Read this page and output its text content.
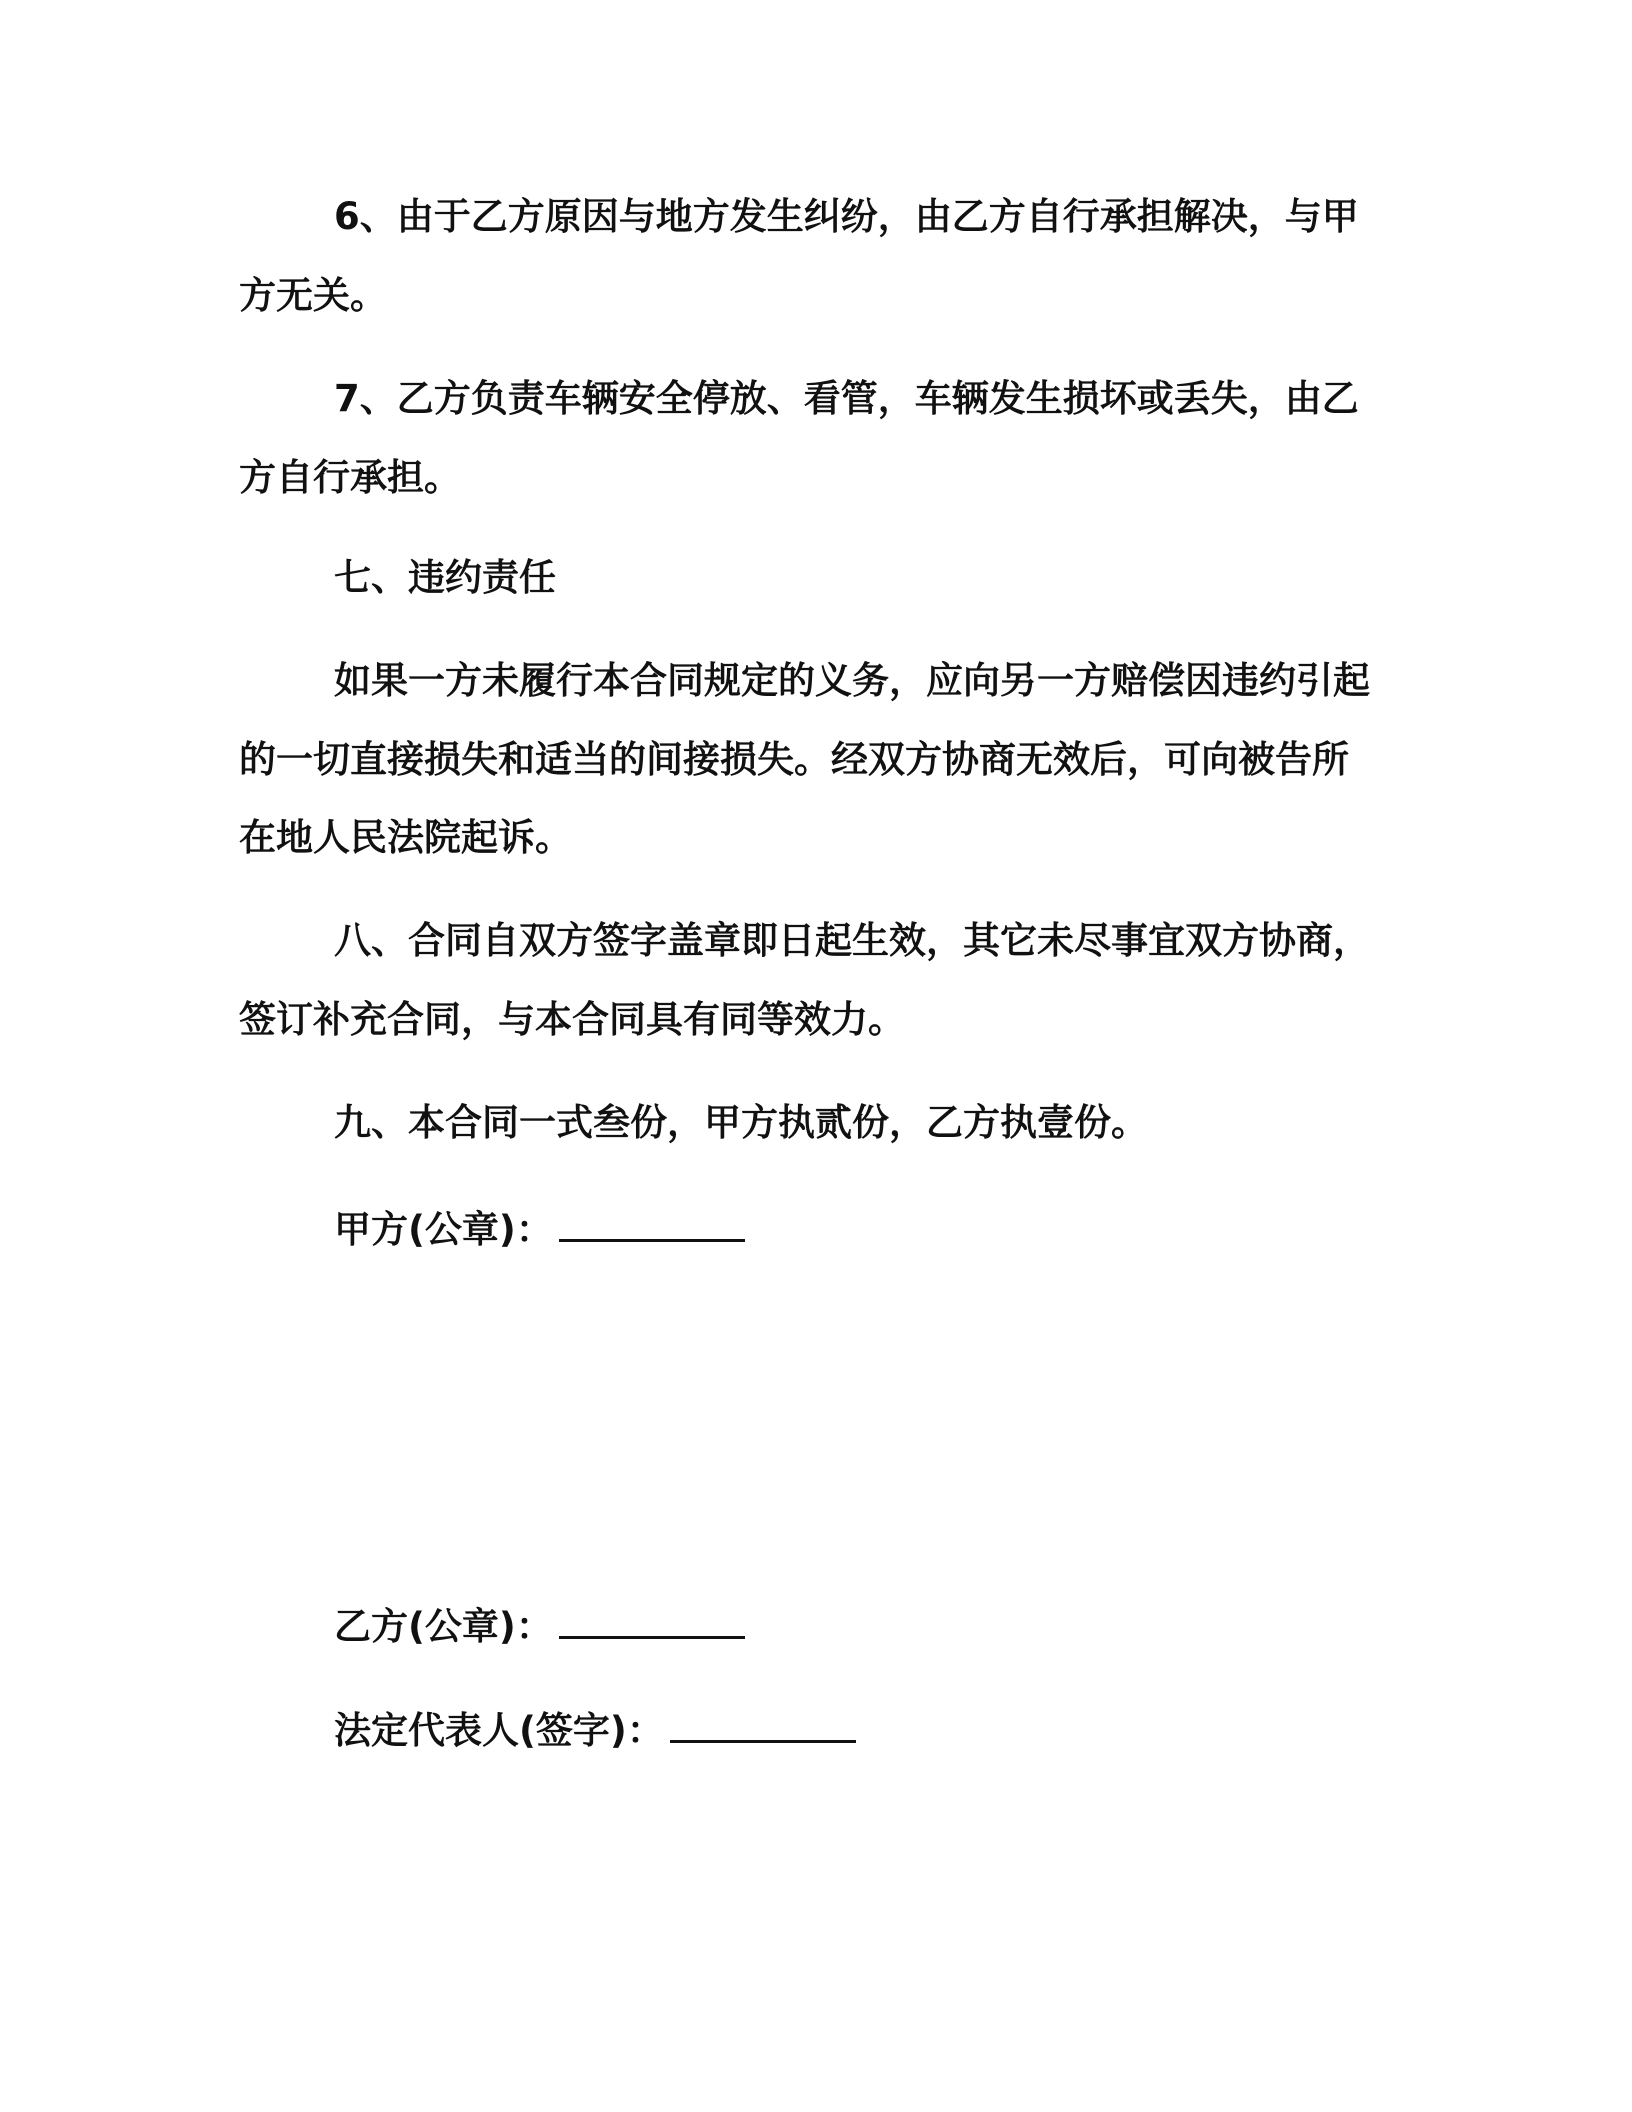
6、由于乙方原因与地方发生纠纷，由乙方自行承担解决，与甲
方无关。
7、乙方负责车辆安全停放、看管，车辆发生损坏或丢失，由乙
方自行承担。
七、违约责任
如果一方未履行本合同规定的义务，应向另一方赔偿因违约引起
的一切直接损失和适当的间接损失。经双方协商无效后，可向被告所
在地人民法院起诉。
八、合同自双方签字盖章即日起生效，其它未尽事宜双方协商，
签订补充合同，与本合同具有同等效力。
九、本合同一式叁份，甲方执贰份，乙方执壹份。
甲方(公章)：
乙方(公章)：
法定代表人(签字)：
